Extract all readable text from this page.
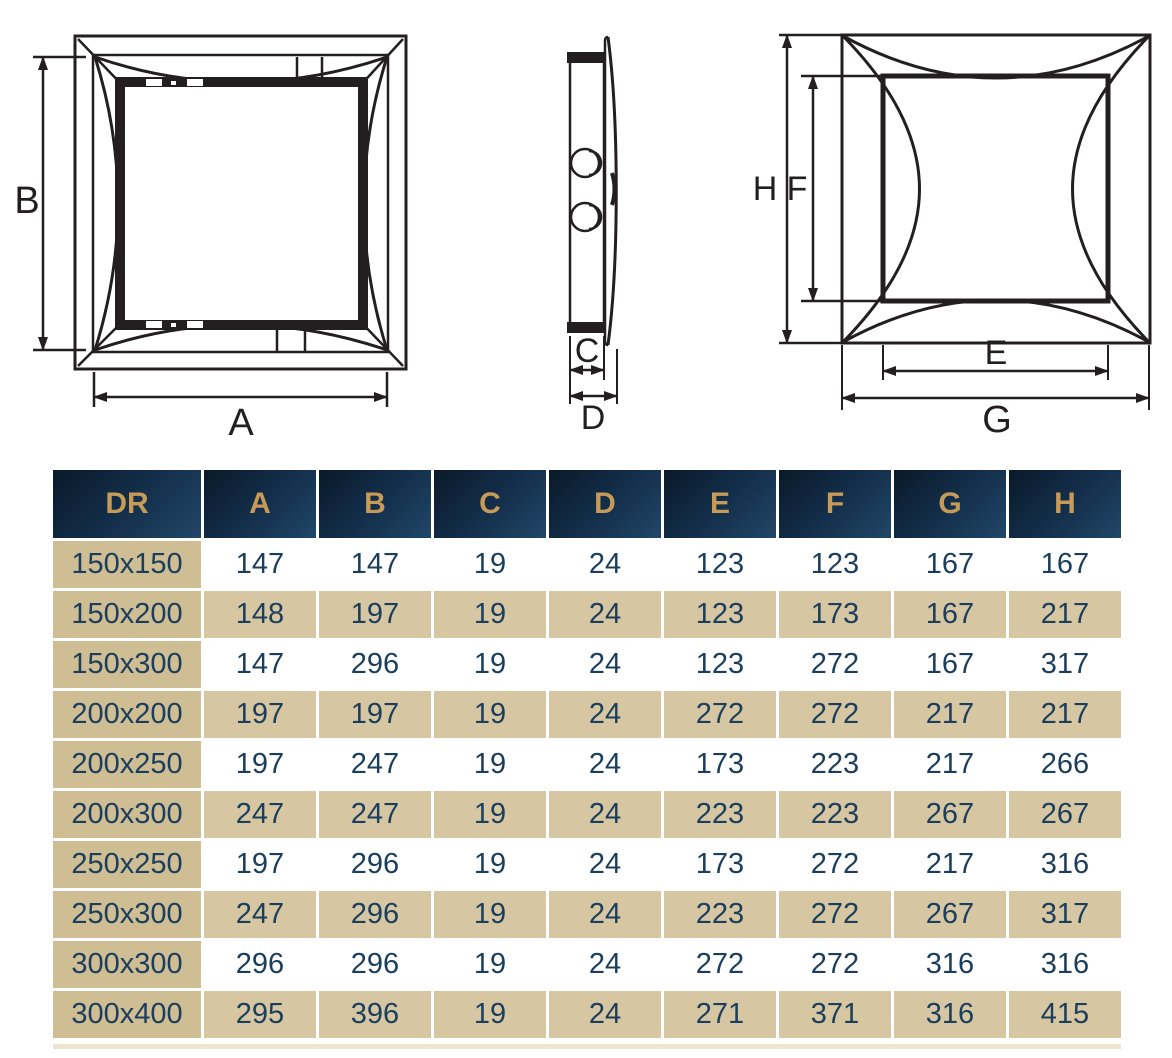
B
A
C
D
H F
E
G
DR	A	B	C	D	E	F	G	H
150x150	147	147	19	24	123	123	167	167
150x200	148	197	19	24	123	173	167	217
150x300	147	296	19	24	123	272	167	317
200x200	197	197	19	24	272	272	217	217
200x250	197	247	19	24	173	223	217	266
200x300	247	247	19	24	223	223	267	267
250x250	197	296	19	24	173	272	217	316
250x300	247	296	19	24	223	272	267	317
300x300	296	296	19	24	272	272	316	316
300x400	295	396	19	24	271	371	316	415
